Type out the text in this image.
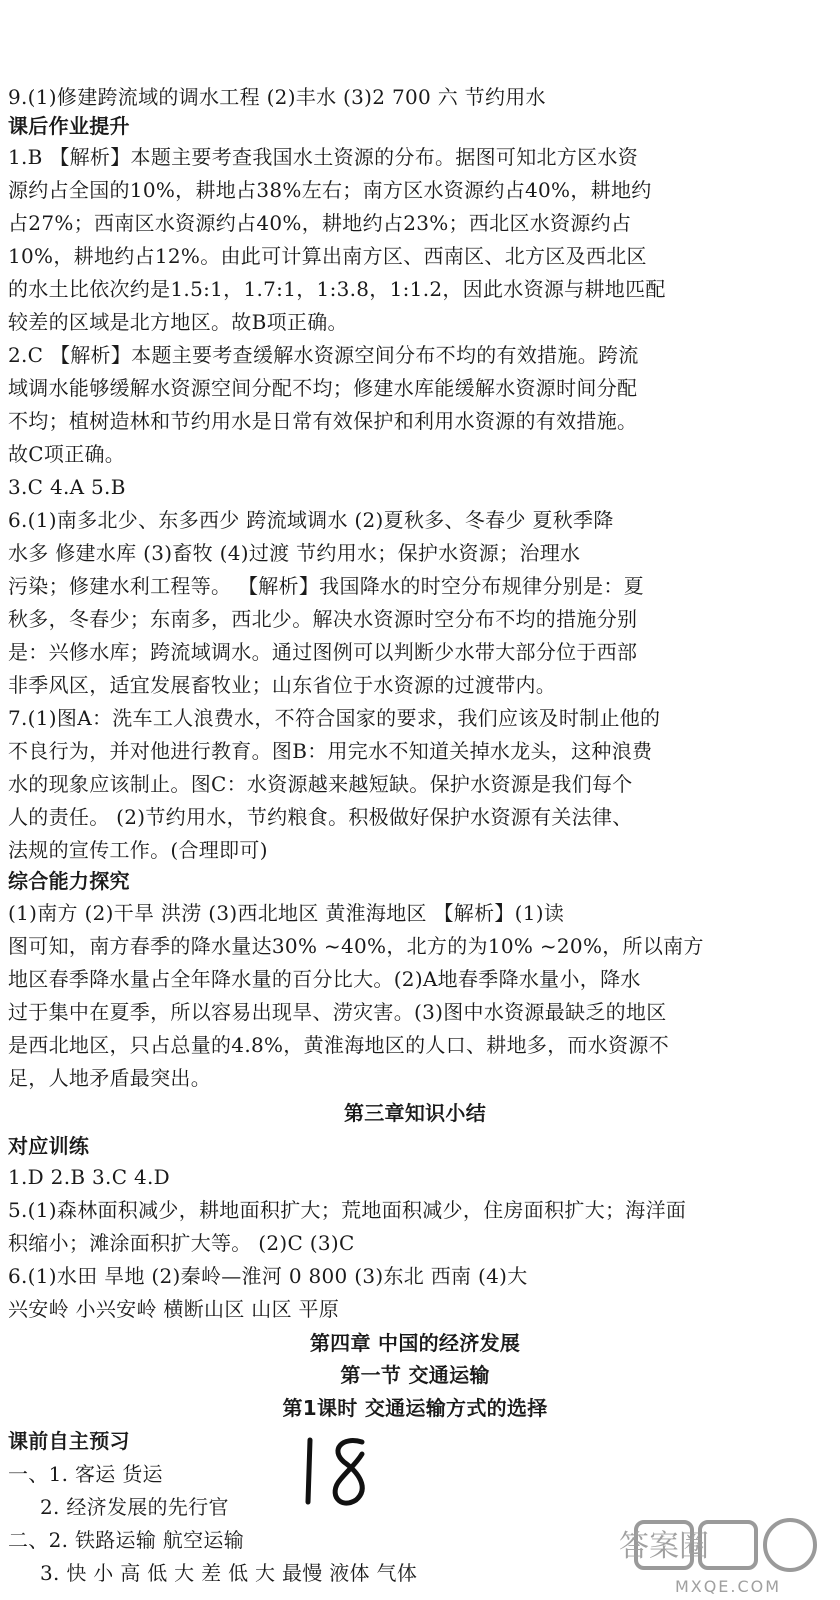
9.(1)修建跨流域的调水工程 (2)丰水 (3)2 700 六 节约用水
课后作业提升
1.B 【解析】本题主要考查我国水土资源的分布。据图可知北方区水资
源约占全国的10%，耕地占38%左右；南方区水资源约占40%，耕地约
占27%；西南区水资源约占40%，耕地约占23%；西北区水资源约占
10%，耕地约占12%。由此可计算出南方区、西南区、北方区及西北区
的水土比依次约是1.5:1，1.7:1，1:3.8，1:1.2，因此水资源与耕地匹配
较差的区域是北方地区。故B项正确。
2.C 【解析】本题主要考查缓解水资源空间分布不均的有效措施。跨流
域调水能够缓解水资源空间分配不均；修建水库能缓解水资源时间分配
不均；植树造林和节约用水是日常有效保护和利用水资源的有效措施。
故C项正确。
3.C 4.A 5.B
6.(1)南多北少、东多西少 跨流域调水 (2)夏秋多、冬春少 夏秋季降
水多 修建水库 (3)畜牧 (4)过渡 节约用水；保护水资源；治理水
污染；修建水利工程等。 【解析】我国降水的时空分布规律分别是：夏
秋多，冬春少；东南多，西北少。解决水资源时空分布不均的措施分别
是：兴修水库；跨流域调水。通过图例可以判断少水带大部分位于西部
非季风区，适宜发展畜牧业；山东省位于水资源的过渡带内。
7.(1)图A：洗车工人浪费水，不符合国家的要求，我们应该及时制止他的
不良行为，并对他进行教育。图B：用完水不知道关掉水龙头，这种浪费
水的现象应该制止。图C：水资源越来越短缺。保护水资源是我们每个
人的责任。 (2)节约用水，节约粮食。积极做好保护水资源有关法律、
法规的宣传工作。(合理即可)
综合能力探究
(1)南方 (2)干旱 洪涝 (3)西北地区 黄淮海地区 【解析】(1)读
图可知，南方春季的降水量达30% ~40%，北方的为10% ~20%，所以南方
地区春季降水量占全年降水量的百分比大。(2)A地春季降水量小，降水
过于集中在夏季，所以容易出现旱、涝灾害。(3)图中水资源最缺乏的地区
是西北地区，只占总量的4.8%，黄淮海地区的人口、耕地多，而水资源不
足，人地矛盾最突出。
第三章知识小结
对应训练
1.D 2.B 3.C 4.D
5.(1)森林面积减少，耕地面积扩大；荒地面积减少，住房面积扩大；海洋面
积缩小；滩涂面积扩大等。 (2)C (3)C
6.(1)水田 旱地 (2)秦岭—淮河 0 800 (3)东北 西南 (4)大
兴安岭 小兴安岭 横断山区 山区 平原
第四章 中国的经济发展
第一节 交通运输
第1课时 交通运输方式的选择
课前自主预习
一、1. 客运 货运
2. 经济发展的先行官
二、2. 铁路运输 航空运输
3. 快 小 高 低 大 差 低 大 最慢 液体 气体
答案圈
MXQE.COM
